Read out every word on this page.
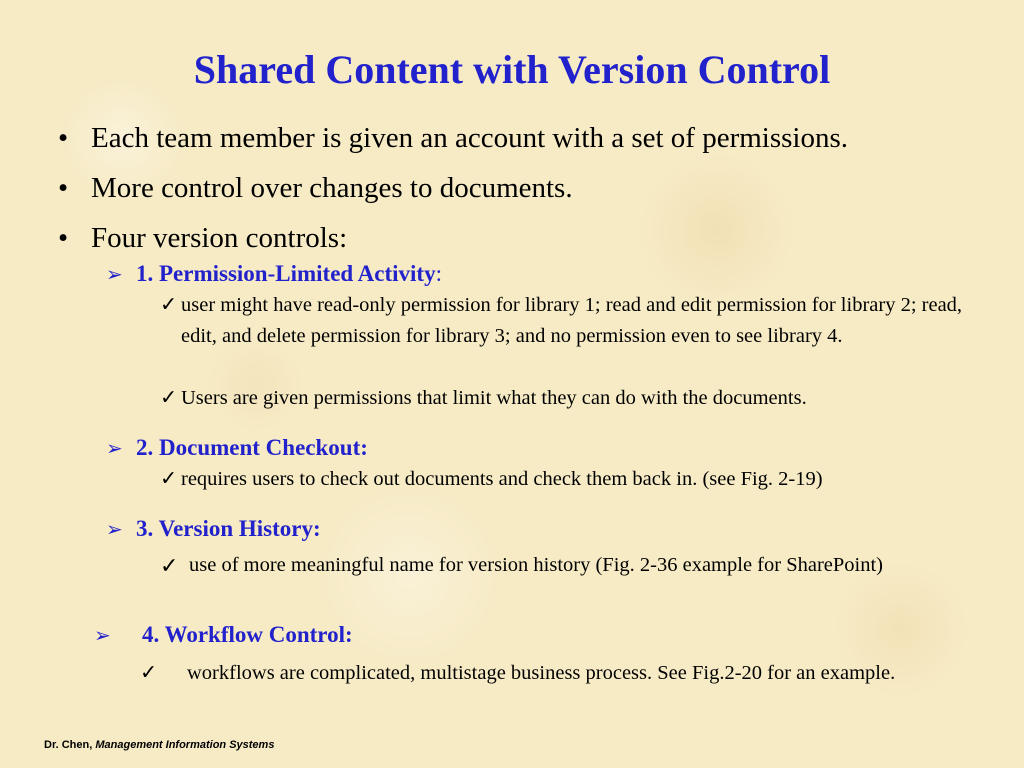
Shared Content with Version Control
• Each team member is given an account with a set of permissions.
• More control over changes to documents.
• Four version controls:
➢ 1. Permission-Limited Activity:
✓ user might have read-only permission for library 1; read and edit permission for library 2; read, edit, and delete permission for library 3; and no permission even to see library 4.
✓ Users are given permissions that limit what they can do with the documents.
➢ 2. Document Checkout:
✓ requires users to check out documents and check them back in. (see Fig. 2-19)
➢ 3. Version History:
✓ use of more meaningful name for version history (Fig. 2-36 example for SharePoint)
➢ 4. Workflow Control:
✓	workflows are complicated, multistage business process. See Fig.2-20 for an example.
Dr. Chen, Management Information Systems
